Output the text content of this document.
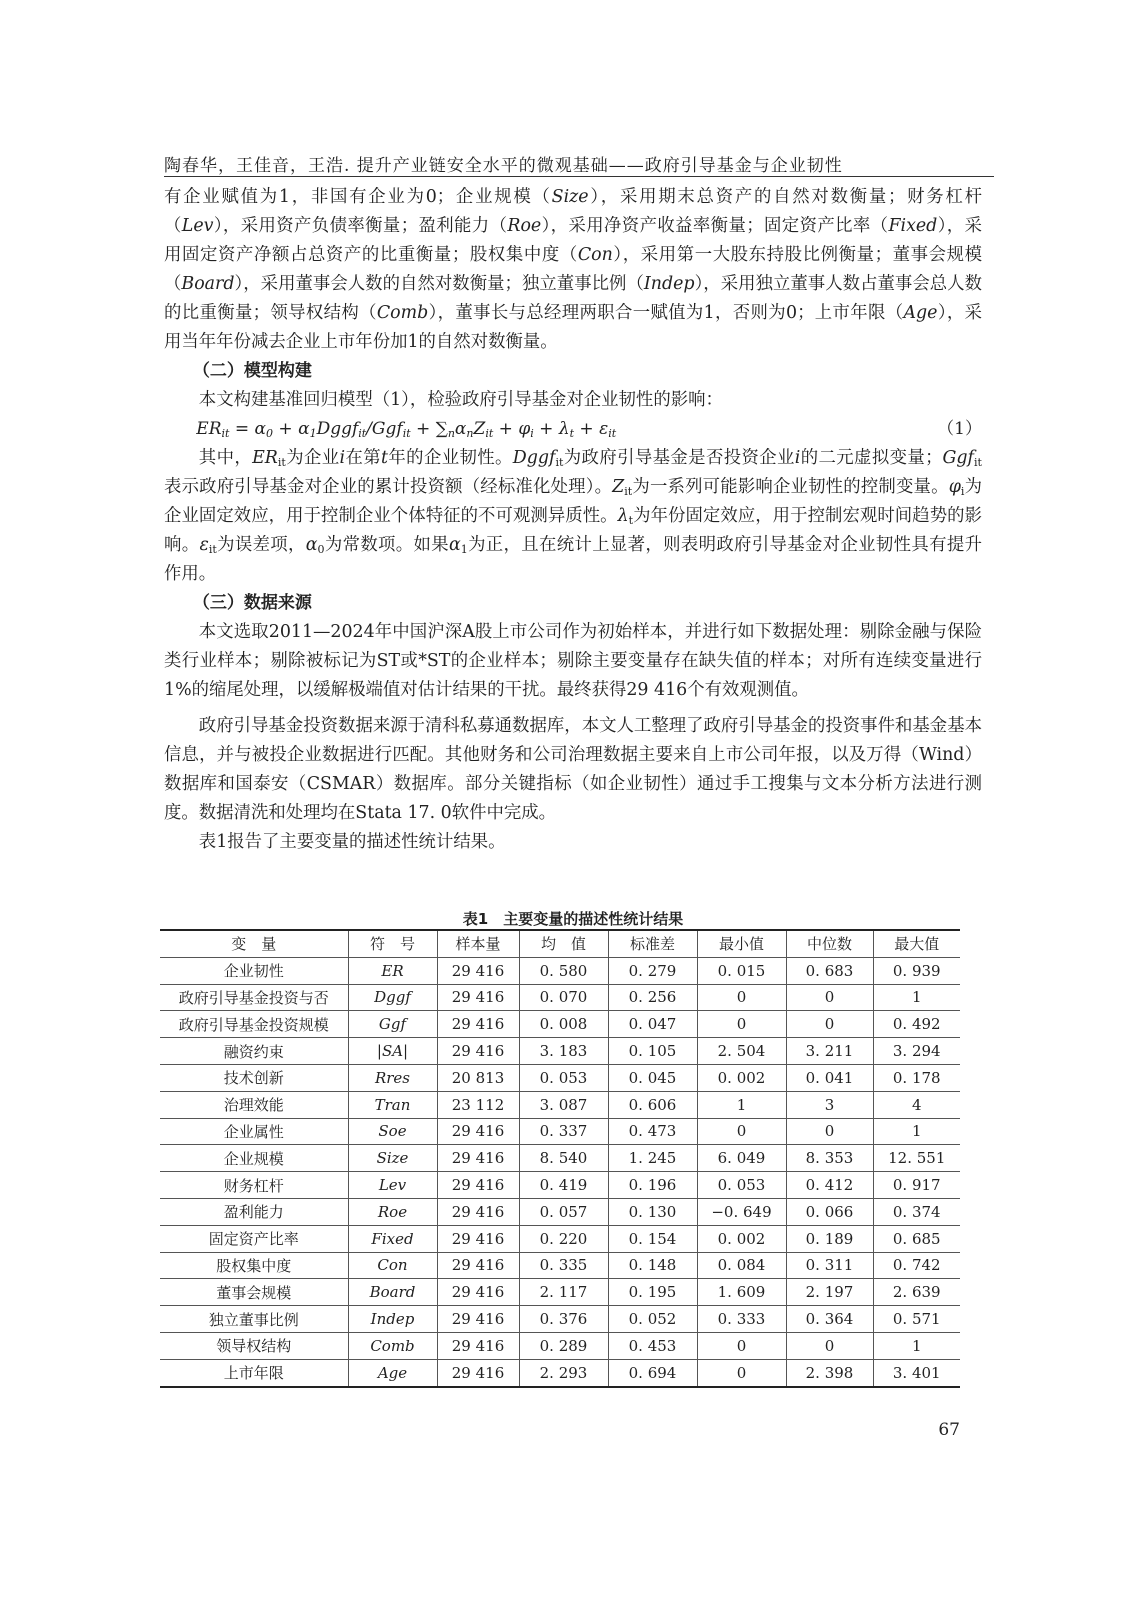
陶春华，王佳音，王浩. 提升产业链安全水平的微观基础——政府引导基金与企业韧性

有企业赋值为1，非国有企业为0；企业规模（Size），采用期末总资产的自然对数衡量；财务杠杆（Lev），采用资产负债率衡量；盈利能力（Roe），采用净资产收益率衡量；固定资产比率（Fixed），采用固定资产净额占总资产的比重衡量；股权集中度（Con），采用第一大股东持股比例衡量；董事会规模（Board），采用董事会人数的自然对数衡量；独立董事比例（Indep），采用独立董事人数占董事会总人数的比重衡量；领导权结构（Comb），董事长与总经理两职合一赋值为1，否则为0；上市年限（Age），采用当年年份减去企业上市年份加1的自然对数衡量。

（二）模型构建

本文构建基准回归模型（1），检验政府引导基金对企业韧性的影响：

$ER_{it} = \alpha_0$ + $\alpha_1Dggf_{it}/Ggf_{it} + \sum_n\alpha_nZ_{it} + \varphi_i + \lambda_t + \varepsilon_{it}$	（1）

其中，$ER_{it}$为企业i在第t年的企业韧性。Dggf$_{it}$为政府引导基金是否投资企业i的二元虚拟变量；Ggf$_{it}$表示政府引导基金对企业的累计投资额（经标准化处理）。$Z_{it}$为一系列可能影响企业韧性的控制变量。$\varphi_i$为企业固定效应，用于控制企业个体特征的不可观测异质性。$\lambda_t$为年份固定效应，用于控制宏观时间趋势的影响。$\varepsilon_{it}$为误差项，$\alpha_0$为常数项。如果$\alpha_1$为正，且在统计上显著，则表明政府引导基金对企业韧性具有提升作用。

（三）数据来源

本文选取2011—2024年中国沪深A股上市公司作为初始样本，并进行如下数据处理：剔除金融与保险类行业样本；剔除被标记为ST或*ST的企业样本；剔除主要变量存在缺失值的样本；对所有连续变量进行1%的缩尾处理，以缓解极端值对估计结果的干扰。最终获得29 416个有效观测值。

政府引导基金投资数据来源于清科私募通数据库，本文人工整理了政府引导基金的投资事件和基金基本信息，并与被投企业数据进行匹配。其他财务和公司治理数据主要来自上市公司年报，以及万得（Wind）数据库和国泰安（CSMAR）数据库。部分关键指标（如企业韧性）通过手工搜集与文本分析方法进行测度。数据清洗和处理均在Stata 17. 0软件中完成。

表1报告了主要变量的描述性统计结果。

表1　主要变量的描述性统计结果
变　量	符　号	样本量	均　值	标准差	最小值	中位数	最大值
企业韧性	ER	29 416	0. 580	0. 279	0. 015	0. 683	0. 939
政府引导基金投资与否	Dggf	29 416	0. 070	0. 256	0	0	1
政府引导基金投资规模	Ggf	29 416	0. 008	0. 047	0	0	0. 492
融资约束	|SA|	29 416	3. 183	0. 105	2. 504	3. 211	3. 294
技术创新	Rres	20 813	0. 053	0. 045	0. 002	0. 041	0. 178
治理效能	Tran	23 112	3. 087	0. 606	1	3	4
企业属性	Soe	29 416	0. 337	0. 473	0	0	1
企业规模	Size	29 416	8. 540	1. 245	6. 049	8. 353	12. 551
财务杠杆	Lev	29 416	0. 419	0. 196	0. 053	0. 412	0. 917
盈利能力	Roe	29 416	0. 057	0. 130	−0. 649	0. 066	0. 374
固定资产比率	Fixed	29 416	0. 220	0. 154	0. 002	0. 189	0. 685
股权集中度	Con	29 416	0. 335	0. 148	0. 084	0. 311	0. 742
董事会规模	Board	29 416	2. 117	0. 195	1. 609	2. 197	2. 639
独立董事比例	Indep	29 416	0. 376	0. 052	0. 333	0. 364	0. 571
领导权结构	Comb	29 416	0. 289	0. 453	0	0	1
上市年限	Age	29 416	2. 293	0. 694	0	2. 398	3. 401
67
